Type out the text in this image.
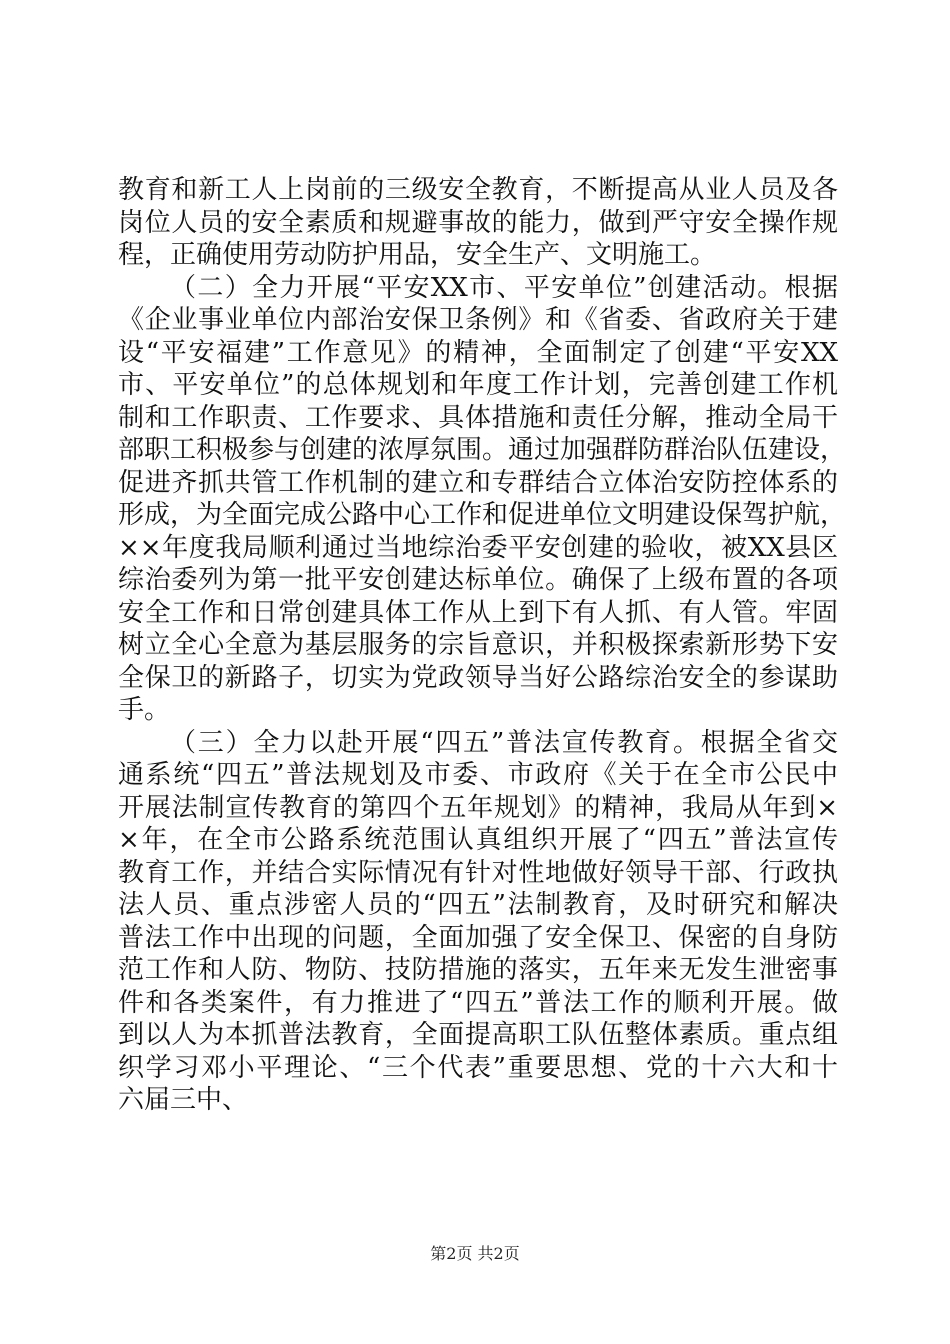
教育和新工人上岗前的三级安全教育，不断提高从业人员及各
岗位人员的安全素质和规避事故的能力，做到严守安全操作规
程，正确使用劳动防护用品，安全生产、文明施工。
（二）全力开展“平安XX市、平安单位”创建活动。根据
《企业事业单位内部治安保卫条例》和《省委、省政府关于建
设“平安福建”工作意见》的精神，全面制定了创建“平安XX
市、平安单位”的总体规划和年度工作计划，完善创建工作机
制和工作职责、工作要求、具体措施和责任分解，推动全局干
部职工积极参与创建的浓厚氛围。通过加强群防群治队伍建设，
促进齐抓共管工作机制的建立和专群结合立体治安防控体系的
形成，为全面完成公路中心工作和促进单位文明建设保驾护航，
××年度我局顺利通过当地综治委平安创建的验收，被XX县区
综治委列为第一批平安创建达标单位。确保了上级布置的各项
安全工作和日常创建具体工作从上到下有人抓、有人管。牢固
树立全心全意为基层服务的宗旨意识，并积极探索新形势下安
全保卫的新路子，切实为党政领导当好公路综治安全的参谋助
手。
（三）全力以赴开展“四五”普法宣传教育。根据全省交
通系统“四五”普法规划及市委、市政府《关于在全市公民中
开展法制宣传教育的第四个五年规划》的精神，我局从年到×
×年，在全市公路系统范围认真组织开展了“四五”普法宣传
教育工作，并结合实际情况有针对性地做好领导干部、行政执
法人员、重点涉密人员的“四五”法制教育，及时研究和解决
普法工作中出现的问题，全面加强了安全保卫、保密的自身防
范工作和人防、物防、技防措施的落实，五年来无发生泄密事
件和各类案件，有力推进了“四五”普法工作的顺利开展。做
到以人为本抓普法教育，全面提高职工队伍整体素质。重点组
织学习邓小平理论、“三个代表”重要思想、党的十六大和十
六届三中、
第2页 共2页
